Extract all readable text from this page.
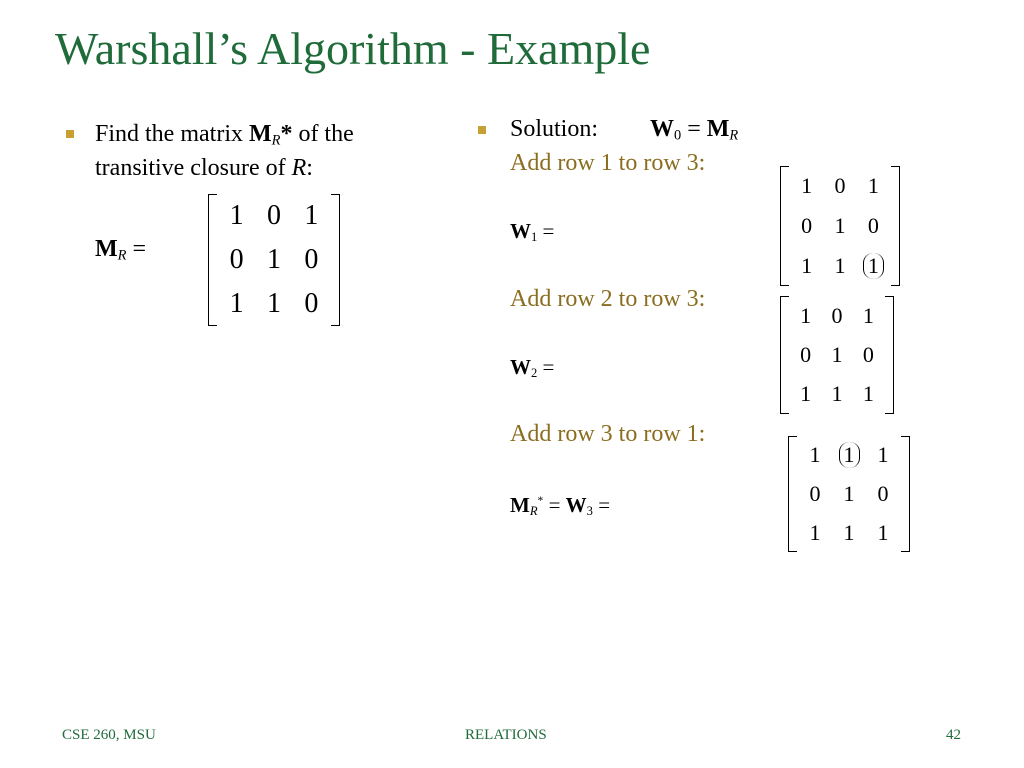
Warshall’s Algorithm - Example
Find the matrix $M_R*$ of the
transitive closure of R:
$M_R$ =
1 0 1
0 1 0
1 1 0
Solution: $W_0 = M_R$
Add row 1 to row 3:
$W_1$ =
1	0	1
0	1	0
1	1	1
Add row 2 to row 3:
$W_2$ =
1 0 1
0 1 0
1 1 1
Add row 3 to row 1:
$M_R^* = W_3$ =
1	1	1
0	1	0
1	1	1
CSE 260, MSU	RELATIONS	42
